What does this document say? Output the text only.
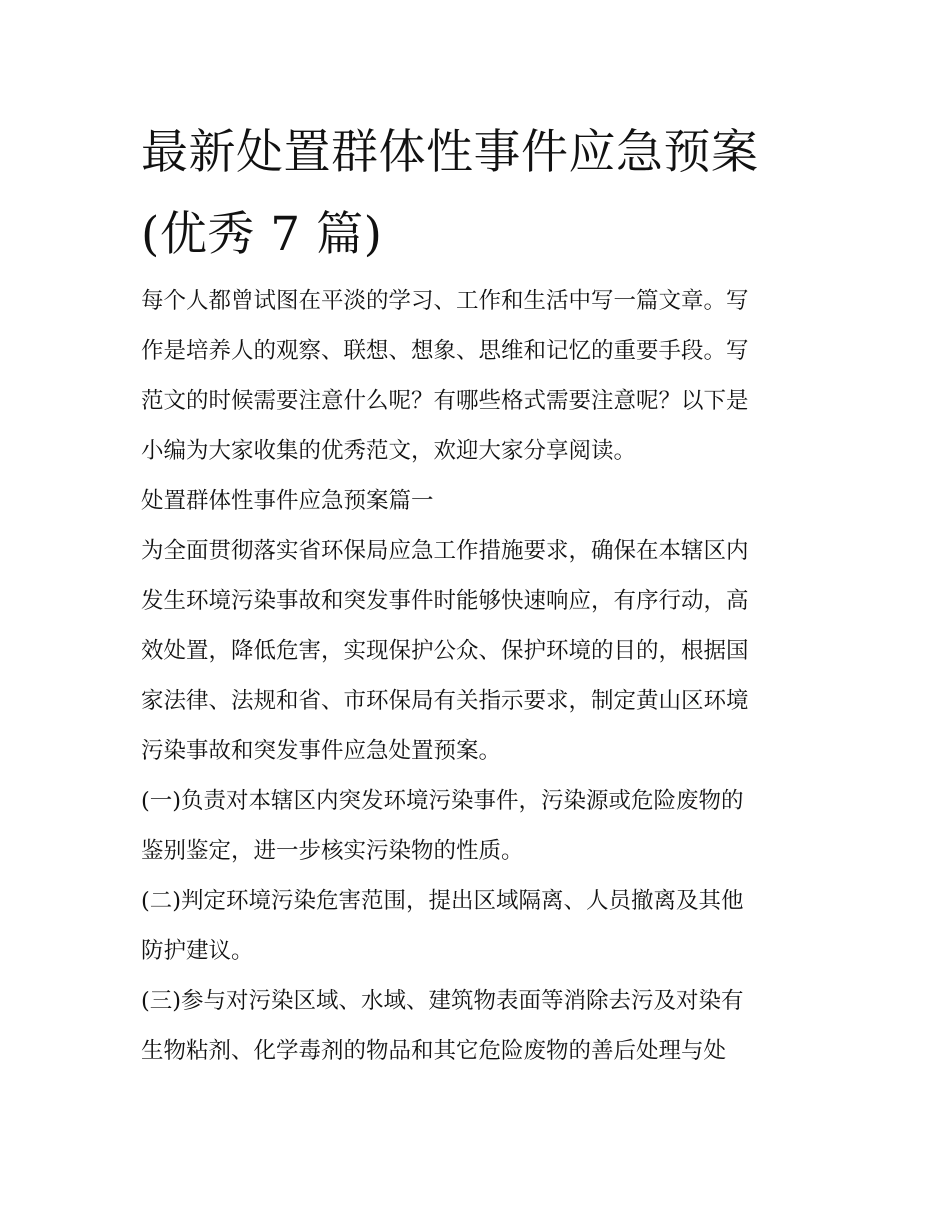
最新处置群体性事件应急预案
(优秀 7 篇)
每个人都曾试图在平淡的学习、工作和生活中写一篇文章。写
作是培养人的观察、联想、想象、思维和记忆的重要手段。写
范文的时候需要注意什么呢？有哪些格式需要注意呢？以下是
小编为大家收集的优秀范文，欢迎大家分享阅读。
处置群体性事件应急预案篇一
为全面贯彻落实省环保局应急工作措施要求，确保在本辖区内
发生环境污染事故和突发事件时能够快速响应，有序行动，高
效处置，降低危害，实现保护公众、保护环境的目的，根据国
家法律、法规和省、市环保局有关指示要求，制定黄山区环境
污染事故和突发事件应急处置预案。
(一)负责对本辖区内突发环境污染事件，污染源或危险废物的
鉴别鉴定，进一步核实污染物的性质。
(二)判定环境污染危害范围，提出区域隔离、人员撤离及其他
防护建议。
(三)参与对污染区域、水域、建筑物表面等消除去污及对染有
生物粘剂、化学毒剂的物品和其它危险废物的善后处理与处
